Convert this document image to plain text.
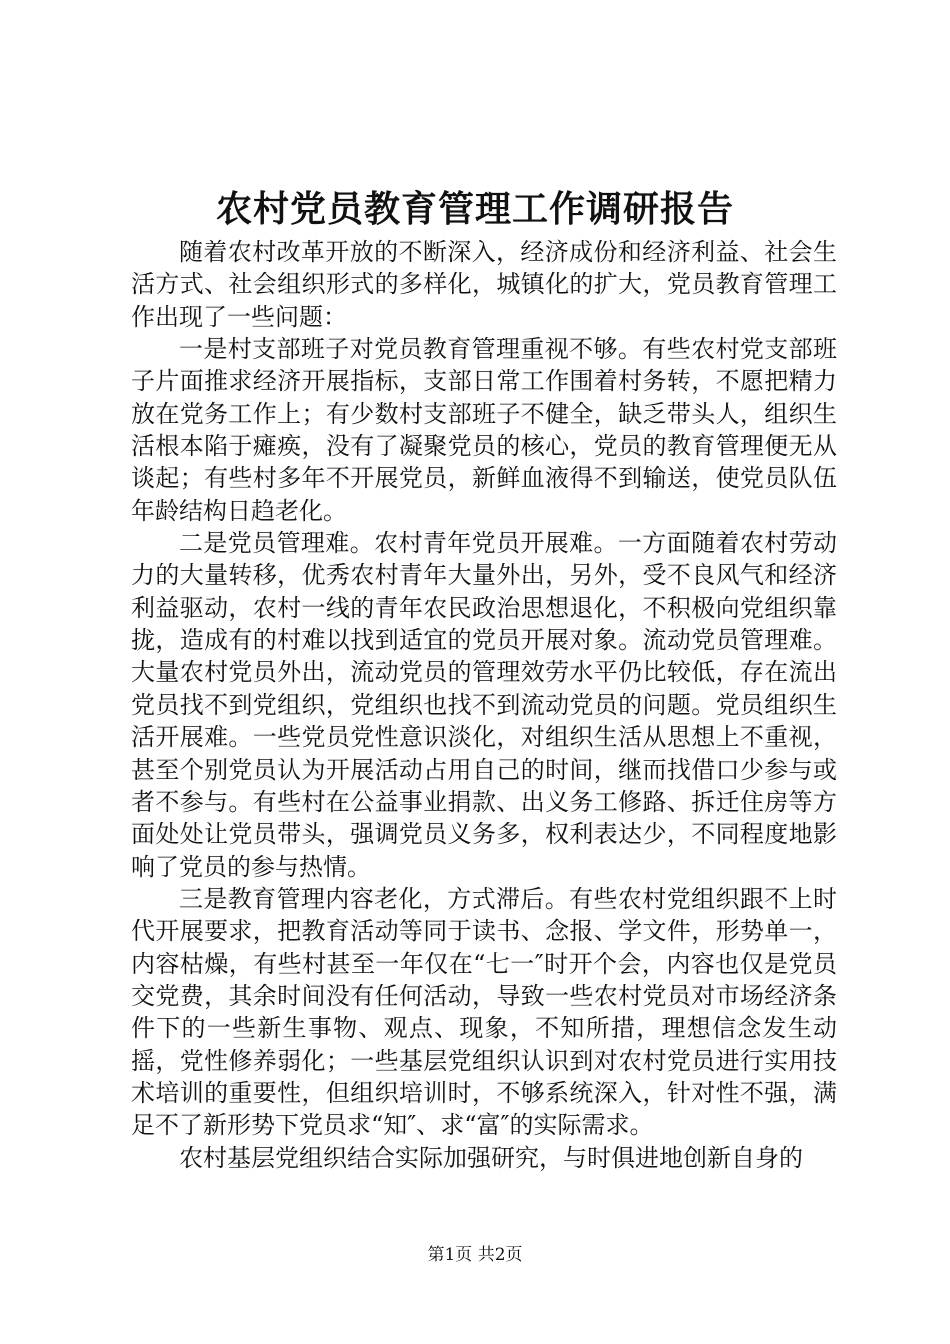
农村党员教育管理工作调研报告

随着农村改革开放的不断深入，经济成份和经济利益、社会生活方式、社会组织形式的多样化，城镇化的扩大，党员教育管理工作出现了一些问题：

一是村支部班子对党员教育管理重视不够。有些农村党支部班子片面推求经济开展指标，支部日常工作围着村务转，不愿把精力放在党务工作上；有少数村支部班子不健全，缺乏带头人，组织生活根本陷于瘫痪，没有了凝聚党员的核心，党员的教育管理便无从谈起；有些村多年不开展党员，新鲜血液得不到输送，使党员队伍年龄结构日趋老化。

二是党员管理难。农村青年党员开展难。一方面随着农村劳动力的大量转移，优秀农村青年大量外出，另外，受不良风气和经济利益驱动，农村一线的青年农民政治思想退化，不积极向党组织靠拢，造成有的村难以找到适宜的党员开展对象。流动党员管理难。大量农村党员外出，流动党员的管理效劳水平仍比较低，存在流出党员找不到党组织，党组织也找不到流动党员的问题。党员组织生活开展难。一些党员党性意识淡化，对组织生活从思想上不重视，甚至个别党员认为开展活动占用自己的时间，继而找借口少参与或者不参与。有些村在公益事业捐款、出义务工修路、拆迁住房等方面处处让党员带头，强调党员义务多，权利表达少，不同程度地影响了党员的参与热情。

三是教育管理内容老化，方式滞后。有些农村党组织跟不上时代开展要求，把教育活动等同于读书、念报、学文件，形势单一，内容枯燥，有些村甚至一年仅在“七一″时开个会，内容也仅是党员交党费，其余时间没有任何活动，导致一些农村党员对市场经济条件下的一些新生事物、观点、现象，不知所措，理想信念发生动摇，党性修养弱化；一些基层党组织认识到对农村党员进行实用技术培训的重要性，但组织培训时，不够系统深入，针对性不强，满足不了新形势下党员求“知″、求“富″的实际需求。

农村基层党组织结合实际加强研究，与时俱进地创新自身的

第1页 共2页
